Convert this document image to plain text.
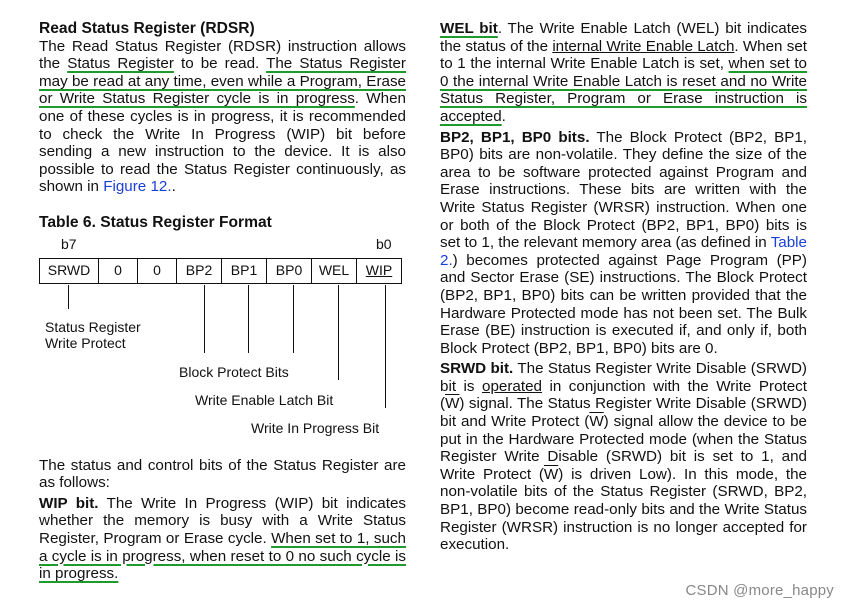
Read Status Register (RDSR)

The Read Status Register (RDSR) instruction allows the Status Register to be read. The Status Register may be read at any time, even while a Program, Erase or Write Status Register cycle is in progress. When one of these cycles is in progress, it is recommended to check the Write In Progress (WIP) bit before sending a new instruction to the device. It is also possible to read the Status Register continuously, as shown in Figure 12..

Table 6. Status Register Format

b7	b0
SRWD	0	0	BP2	BP1	BP0	WEL	WIP
Status Register
Write Protect
Block Protect Bits
Write Enable Latch Bit
Write In Progress Bit

The status and control bits of the Status Register are as follows:

WIP bit. The Write In Progress (WIP) bit indicates whether the memory is busy with a Write Status Register, Program or Erase cycle. When set to 1, such a cycle is in progress, when reset to 0 no such cycle is in progress.

WEL bit. The Write Enable Latch (WEL) bit indicates the status of the internal Write Enable Latch. When set to 1 the internal Write Enable Latch is set, when set to 0 the internal Write Enable Latch is reset and no Write Status Register, Program or Erase instruction is accepted.

BP2, BP1, BP0 bits. The Block Protect (BP2, BP1, BP0) bits are non-volatile. They define the size of the area to be software protected against Program and Erase instructions. These bits are written with the Write Status Register (WRSR) instruction. When one or both of the Block Protect (BP2, BP1, BP0) bits is set to 1, the relevant memory area (as defined in Table 2.) becomes protected against Page Program (PP) and Sector Erase (SE) instructions. The Block Protect (BP2, BP1, BP0) bits can be written provided that the Hardware Protected mode has not been set. The Bulk Erase (BE) instruction is executed if, and only if, both Block Protect (BP2, BP1, BP0) bits are 0.

SRWD bit. The Status Register Write Disable (SRWD) bit is operated in conjunction with the Write Protect $(\overline{W})$ signal. The Status Register Write Disable (SRWD) bit and Write Protect $(\overline{W})$ signal allow the device to be put in the Hardware Protected mode (when the Status Register Write Disable (SRWD) bit is set to 1, and Write Protect $(\overline{W})$ is driven Low). In this mode, the non-volatile bits of the Status Register (SRWD, BP2, BP1, BP0) become read-only bits and the Write Status Register (WRSR) instruction is no longer accepted for execution.

CSDN @more_happy
